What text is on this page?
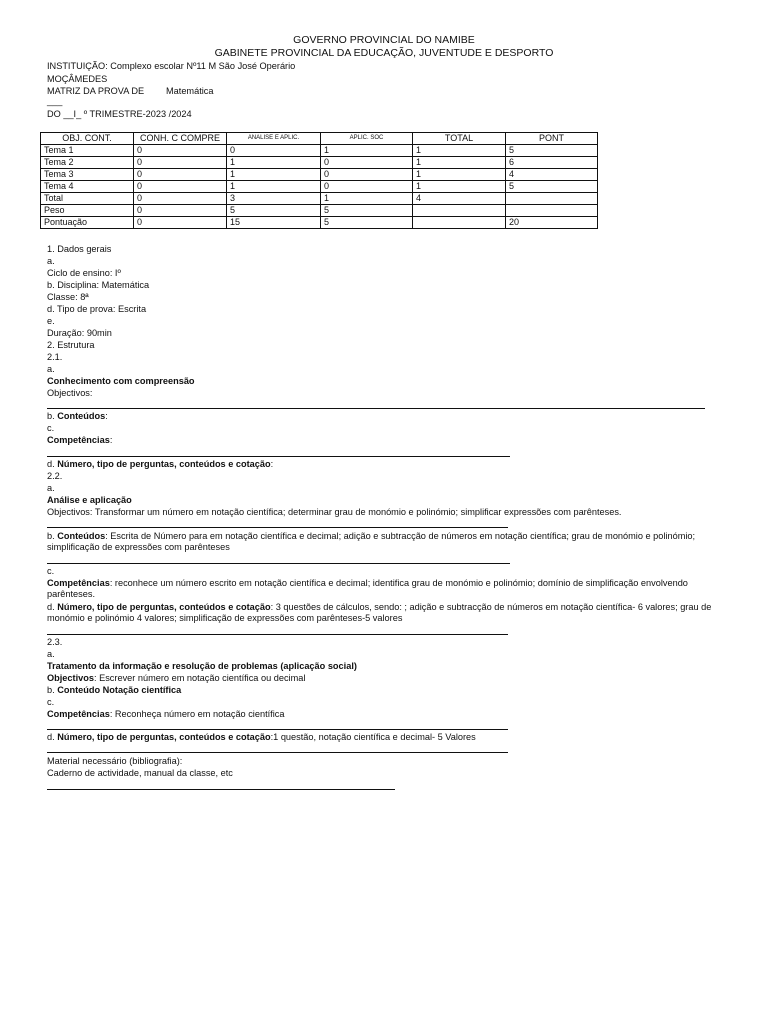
GOVERNO PROVINCIAL DO NAMIBE
GABINETE PROVINCIAL DA EDUCAÇÃO, JUVENTUDE E DESPORTO
INSTITUIÇÃO: Complexo escolar Nº11 M São José Operário
MOÇÂMEDES
MATRIZ DA PROVA DE Matemática
___
DO __I_ º TRIMESTRE-2023 /2024
OBJ. CONT.	CONH. C COMPRE	ANALISE E APLIC.	APLIC. SOC	TOTAL	PONT
Tema 1	0	0	1	1	5
Tema 2	0	1	0	1	6
Tema 3	0	1	0	1	4
Tema 4	0	1	0	1	5
Total	0	3	1	4	
Peso	0	5	5		
Pontuação	0	15	5		20
1. Dados gerais
a.
Ciclo de ensino: Iº
b. Disciplina: Matemática
Classe: 8ª
d. Tipo de prova: Escrita
e.
Duração: 90min
2. Estrutura
2.1.
a.
Conhecimento com compreensão
Objectivos:
b. Conteúdos:
c.
Competências:
d. Número, tipo de perguntas, conteúdos e cotação:
2.2.
a.
Análise e aplicação
Objectivos: Transformar um número em notação científica; determinar grau de monómio e polinómio; simplificar expressões com parênteses.
b. Conteúdos: Escrita de Número para em notação científica e decimal; adição e subtracção de números em notação científica; grau de monómio e polinómio; simplificação de expressões com parênteses
c.
Competências: reconhece um número escrito em notação científica e decimal; identifica grau de monómio e polinómio; domínio de simplificação envolvendo parênteses.
d. Número, tipo de perguntas, conteúdos e cotação: 3 questões de cálculos, sendo: ; adição e subtracção de números em notação científica- 6 valores; grau de monómio e polinómio 4 valores; simplificação de expressões com parênteses-5 valores
2.3.
a.
Tratamento da informação e resolução de problemas (aplicação social)
Objectivos: Escrever número em notação científica ou decimal
b. Conteúdo Notação científica
c.
Competências: Reconheça número em notação científica
d. Número, tipo de perguntas, conteúdos e cotação:1 questão, notação científica e decimal- 5 Valores
Material necessário (bibliografia):
Caderno de actividade, manual da classe, etc
